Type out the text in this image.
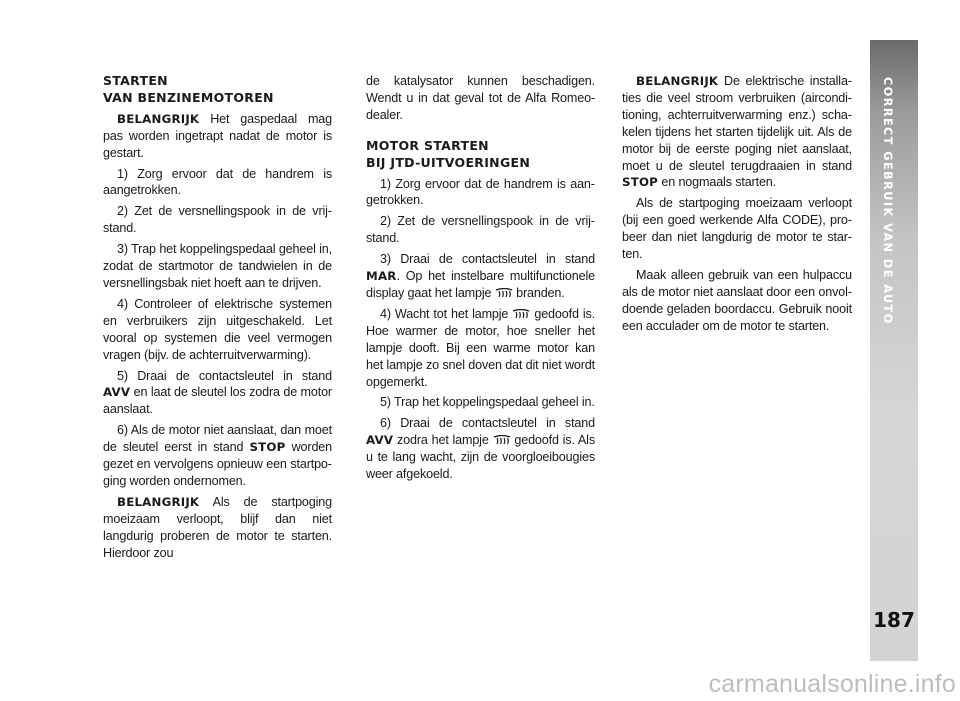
STARTEN
VAN BENZINEMOTOREN

BELANGRIJK Het gaspedaal mag pas worden ingetrapt nadat de motor is gestart.

1) Zorg ervoor dat de handrem is aangetrokken.

2) Zet de versnellingspook in de vrijstand.

3) Trap het koppelingspedaal geheel in, zodat de startmotor de tandwielen in de versnellingsbak niet hoeft aan te drijven.

4) Controleer of elektrische systemen en verbruikers zijn uitgeschakeld. Let vooral op systemen die veel vermogen vragen (bijv. de achterruitverwarming).

5) Draai de contactsleutel in stand AVV en laat de sleutel los zodra de motor aanslaat.

6) Als de motor niet aanslaat, dan moet de sleutel eerst in stand STOP worden gezet en vervolgens opnieuw een startpoging worden ondernomen.

BELANGRIJK Als de startpoging moeizaam verloopt, blijf dan niet langdurig proberen de motor te starten. Hierdoor zou

de katalysator kunnen beschadigen. Wendt u in dat geval tot de Alfa Romeo-dealer.

MOTOR STARTEN
BIJ JTD-UITVOERINGEN

1) Zorg ervoor dat de handrem is aangetrokken.

2) Zet de versnellingspook in de vrijstand.

3) Draai de contactsleutel in stand MAR. Op het instelbare multifunctionele display gaat het lampje branden.

4) Wacht tot het lampje gedoofd is. Hoe warmer de motor, hoe sneller het lampje dooft. Bij een warme motor kan het lampje zo snel doven dat dit niet wordt opgemerkt.

5) Trap het koppelingspedaal geheel in.

6) Draai de contactsleutel in stand AVV zodra het lampje gedoofd is. Als u te lang wacht, zijn de voorgloeibougies weer afgekoeld.

BELANGRIJK De elektrische installaties die veel stroom verbruiken (airconditioning, achterruitverwarming enz.) schakelen tijdens het starten tijdelijk uit. Als de motor bij de eerste poging niet aanslaat, moet u de sleutel terugdraaien in stand STOP en nogmaals starten.

Als de startpoging moeizaam verloopt (bij een goed werkende Alfa CODE), probeer dan niet langdurig de motor te starten.

Maak alleen gebruik van een hulpaccu als de motor niet aanslaat door een onvoldoende geladen boordaccu. Gebruik nooit een acculader om de motor te starten.

CORRECT GEBRUIK VAN DE AUTO
187
carmanualsonline.info
